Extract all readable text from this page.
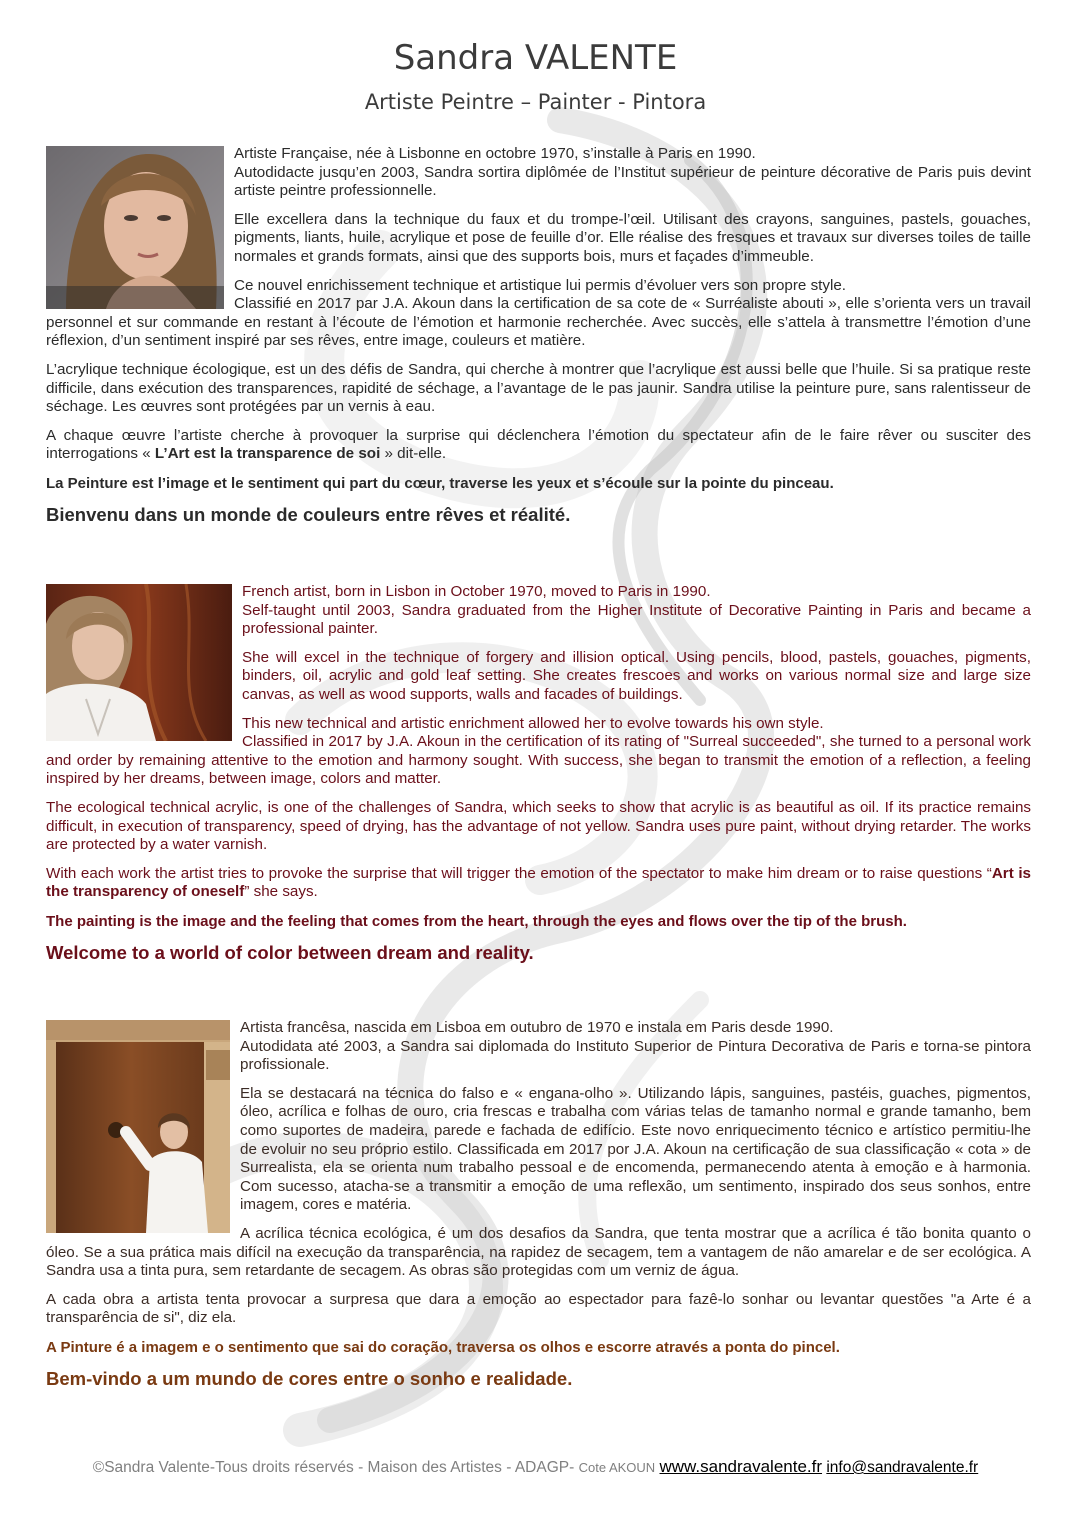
Sandra VALENTE
Artiste Peintre – Painter - Pintora

Artiste Française, née à Lisbonne en octobre 1970, s’installe à Paris en 1990.

Autodidacte jusqu’en 2003, Sandra sortira diplômée de l’Institut supérieur de peinture décorative de Paris puis devint artiste peintre professionnelle.

Elle excellera dans la technique du faux et du trompe-l’œil. Utilisant des crayons, sanguines, pastels, gouaches, pigments, liants, huile, acrylique et pose de feuille d’or. Elle réalise des fresques et travaux sur diverses toiles de taille normales et grands formats, ainsi que des supports bois, murs et façades d’immeuble.

Ce nouvel enrichissement technique et artistique lui permis d’évoluer vers son propre style.

Classifié en 2017 par J.A. Akoun dans la certification de sa cote de « Surréaliste abouti », elle s’orienta vers un travail personnel et sur commande en restant à l’écoute de l’émotion et harmonie recherchée. Avec succès, elle s’attela à transmettre l’émotion d’une réflexion, d’un sentiment inspiré par ses rêves, entre image, couleurs et matière.

L’acrylique technique écologique, est un des défis de Sandra, qui cherche à montrer que l’acrylique est aussi belle que l’huile. Si sa pratique reste difficile, dans exécution des transparences, rapidité de séchage, a l’avantage de le pas jaunir. Sandra utilise la peinture pure, sans ralentisseur de séchage. Les œuvres sont protégées par un vernis à eau.

A chaque œuvre l’artiste cherche à provoquer la surprise qui déclenchera l’émotion du spectateur afin de le faire rêver ou susciter des interrogations « L’Art est la transparence de soi » dit-elle.

La Peinture est l’image et le sentiment qui part du cœur, traverse les yeux et s’écoule sur la pointe du pinceau.

Bienvenu dans un monde de couleurs entre rêves et réalité.

French artist, born in Lisbon in October 1970, moved to Paris in 1990.

Self-taught until 2003, Sandra graduated from the Higher Institute of Decorative Painting in Paris and became a professional painter.

She will excel in the technique of forgery and illision optical. Using pencils, blood, pastels, gouaches, pigments, binders, oil, acrylic and gold leaf setting. She creates frescoes and works on various normal size and large size canvas, as well as wood supports, walls and facades of buildings.

This new technical and artistic enrichment allowed her to evolve towards his own style.

Classified in 2017 by J.A. Akoun in the certification of its rating of "Surreal succeeded", she turned to a personal work and order by remaining attentive to the emotion and harmony sought. With success, she began to transmit the emotion of a reflection, a feeling inspired by her dreams, between image, colors and matter.

The ecological technical acrylic, is one of the challenges of Sandra, which seeks to show that acrylic is as beautiful as oil. If its practice remains difficult, in execution of transparency, speed of drying, has the advantage of not yellow. Sandra uses pure paint, without drying retarder. The works are protected by a water varnish.

With each work the artist tries to provoke the surprise that will trigger the emotion of the spectator to make him dream or to raise questions “Art is the transparency of oneself” she says.

The painting is the image and the feeling that comes from the heart, through the eyes and flows over the tip of the brush.

Welcome to a world of color between dream and reality.

Artista francêsa, nascida em Lisboa em outubro de 1970 e instala em Paris desde 1990.

Autodidata até 2003, a Sandra sai diplomada do Instituto Superior de Pintura Decorativa de Paris e torna-se pintora profissionale.

Ela se destacará na técnica do falso e « engana-olho ». Utilizando lápis, sanguines, pastéis, guaches, pigmentos, óleo, acrílica e folhas de ouro, cria frescas e trabalha com várias telas de tamanho normal e grande tamanho, bem como suportes de madeira, parede e fachada de edifício. Este novo enriquecimento técnico e artístico permitiu-lhe de evoluir no seu próprio estilo. Classificada em 2017 por J.A. Akoun na certificação de sua classificação « cota » de Surrealista, ela se orienta num trabalho pessoal e de encomenda, permanecendo atenta à emoção e à harmonia. Com sucesso, atacha-se a transmitir a emoção de uma reflexão, um sentimento, inspirado dos seus sonhos, entre imagem, cores e matéria.

A acrílica técnica ecológica, é um dos desafios da Sandra, que tenta mostrar que a acrílica é tão bonita quanto o óleo. Se a sua prática mais difícil na execução da transparência, na rapidez de secagem, tem a vantagem de não amarelar e de ser ecológica. A Sandra usa a tinta pura, sem retardante de secagem. As obras são protegidas com um verniz de água.

A cada obra a artista tenta provocar a surpresa que dara a emoção ao espectador para fazê-lo sonhar ou levantar questões "a Arte é a transparência de si", diz ela.

A Pinture é a imagem e o sentimento que sai do coração, traversa os olhos e escorre através a ponta do pincel.

Bem-vindo a um mundo de cores entre o sonho e realidade.

©Sandra Valente-Tous droits réservés - Maison des Artistes - ADAGP- Cote AKOUN www.sandravalente.fr info@sandravalente.fr
